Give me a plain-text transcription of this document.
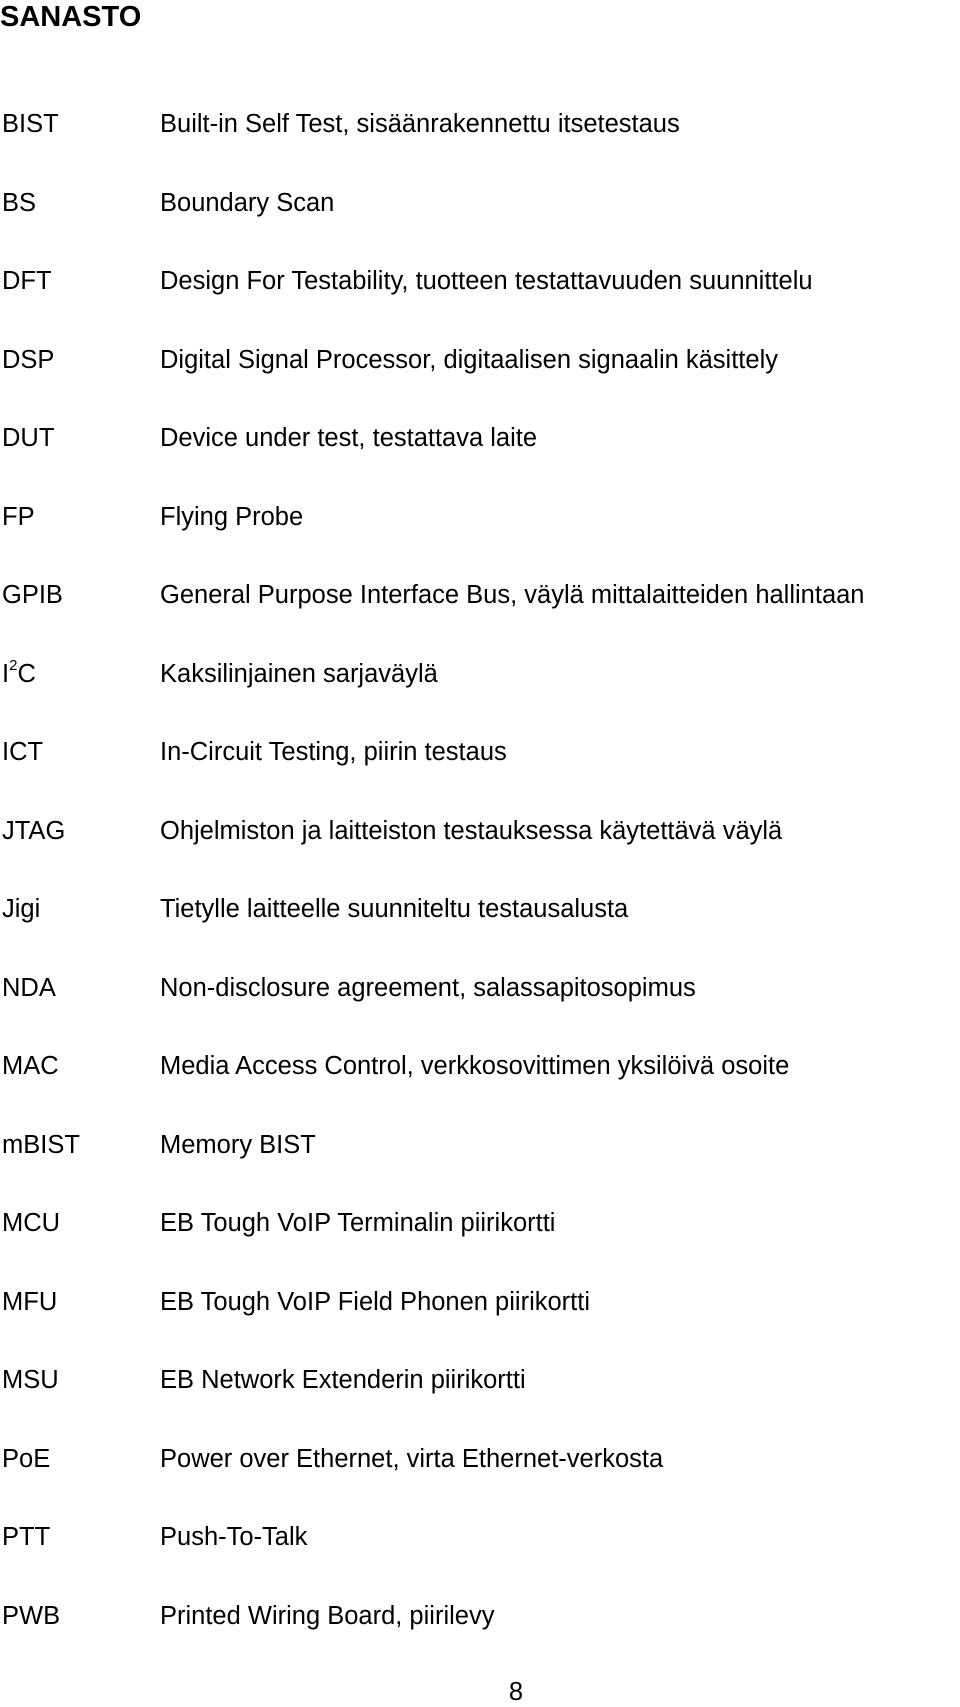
SANASTO
BIST	Built-in Self Test, sisäänrakennettu itsetestaus
BS	Boundary Scan
DFT	Design For Testability, tuotteen testattavuuden suunnittelu
DSP	Digital Signal Processor, digitaalisen signaalin käsittely
DUT	Device under test, testattava laite
FP	Flying Probe
GPIB	General Purpose Interface Bus, väylä mittalaitteiden hallintaan
$I^2C$	Kaksilinjainen sarjaväylä
ICT	In-Circuit Testing, piirin testaus
JTAG	Ohjelmiston ja laitteiston testauksessa käytettävä väylä
Jigi	Tietylle laitteelle suunniteltu testausalusta
NDA	Non-disclosure agreement, salassapitosopimus
MAC	Media Access Control, verkkosovittimen yksilöivä osoite
mBIST	Memory BIST
MCU	EB Tough VoIP Terminalin piirikortti
MFU	EB Tough VoIP Field Phonen piirikortti
MSU	EB Network Extenderin piirikortti
PoE	Power over Ethernet, virta Ethernet-verkosta
PTT	Push-To-Talk
PWB	Printed Wiring Board, piirilevy
8
